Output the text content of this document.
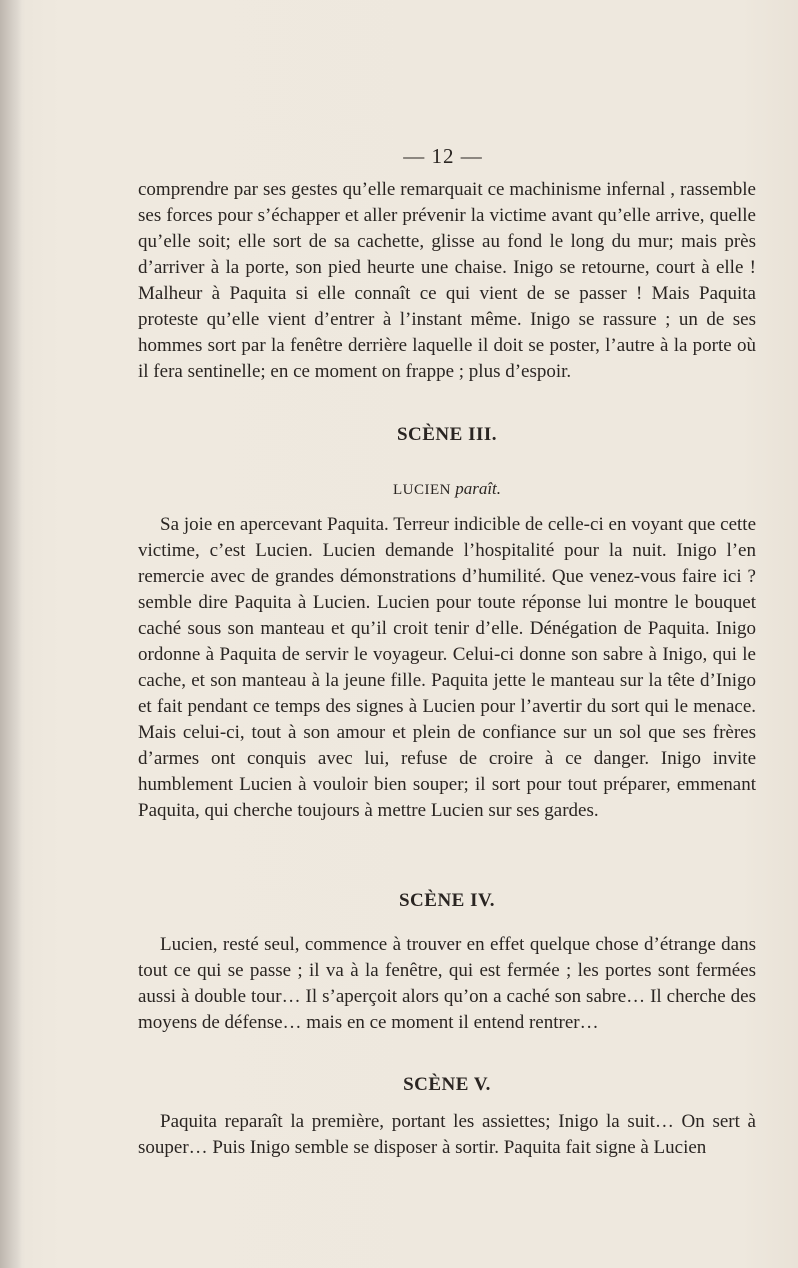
— 12 —
comprendre par ses gestes qu’elle remarquait ce machinisme infernal , rassemble ses forces pour s’échapper et aller prévenir la victime avant qu’elle arrive, quelle qu’elle soit; elle sort de sa cachette, glisse au fond le long du mur; mais près d’arriver à la porte, son pied heurte une chaise. Inigo se retourne, court à elle ! Malheur à Paquita si elle connaît ce qui vient de se passer ! Mais Paquita proteste qu’elle vient d’entrer à l’instant même. Inigo se rassure ; un de ses hommes sort par la fenêtre derrière laquelle il doit se poster, l’autre à la porte où il fera sentinelle; en ce moment on frappe ; plus d’espoir.
SCÈNE III.
LUCIEN paraît.
Sa joie en apercevant Paquita. Terreur indicible de celle-ci en voyant que cette victime, c’est Lucien. Lucien demande l’hospitalité pour la nuit. Inigo l’en remercie avec de grandes démonstrations d’humilité. Que venez-vous faire ici ? semble dire Paquita à Lucien. Lucien pour toute réponse lui montre le bouquet caché sous son manteau et qu’il croit tenir d’elle. Dénégation de Paquita. Inigo ordonne à Paquita de servir le voyageur. Celui-ci donne son sabre à Inigo, qui le cache, et son manteau à la jeune fille. Paquita jette le manteau sur la tête d’Inigo et fait pendant ce temps des signes à Lucien pour l’avertir du sort qui le menace. Mais celui-ci, tout à son amour et plein de confiance sur un sol que ses frères d’armes ont conquis avec lui, refuse de croire à ce danger. Inigo invite humblement Lucien à vouloir bien souper; il sort pour tout préparer, emmenant Paquita, qui cherche toujours à mettre Lucien sur ses gardes.
SCÈNE IV.
Lucien, resté seul, commence à trouver en effet quelque chose d’étrange dans tout ce qui se passe ; il va à la fenêtre, qui est fermée ; les portes sont fermées aussi à double tour… Il s’aperçoit alors qu’on a caché son sabre… Il cherche des moyens de défense… mais en ce moment il entend rentrer…
SCÈNE V.
Paquita reparaît la première, portant les assiettes; Inigo la suit… On sert à souper… Puis Inigo semble se disposer à sortir. Paquita fait signe à Lucien
